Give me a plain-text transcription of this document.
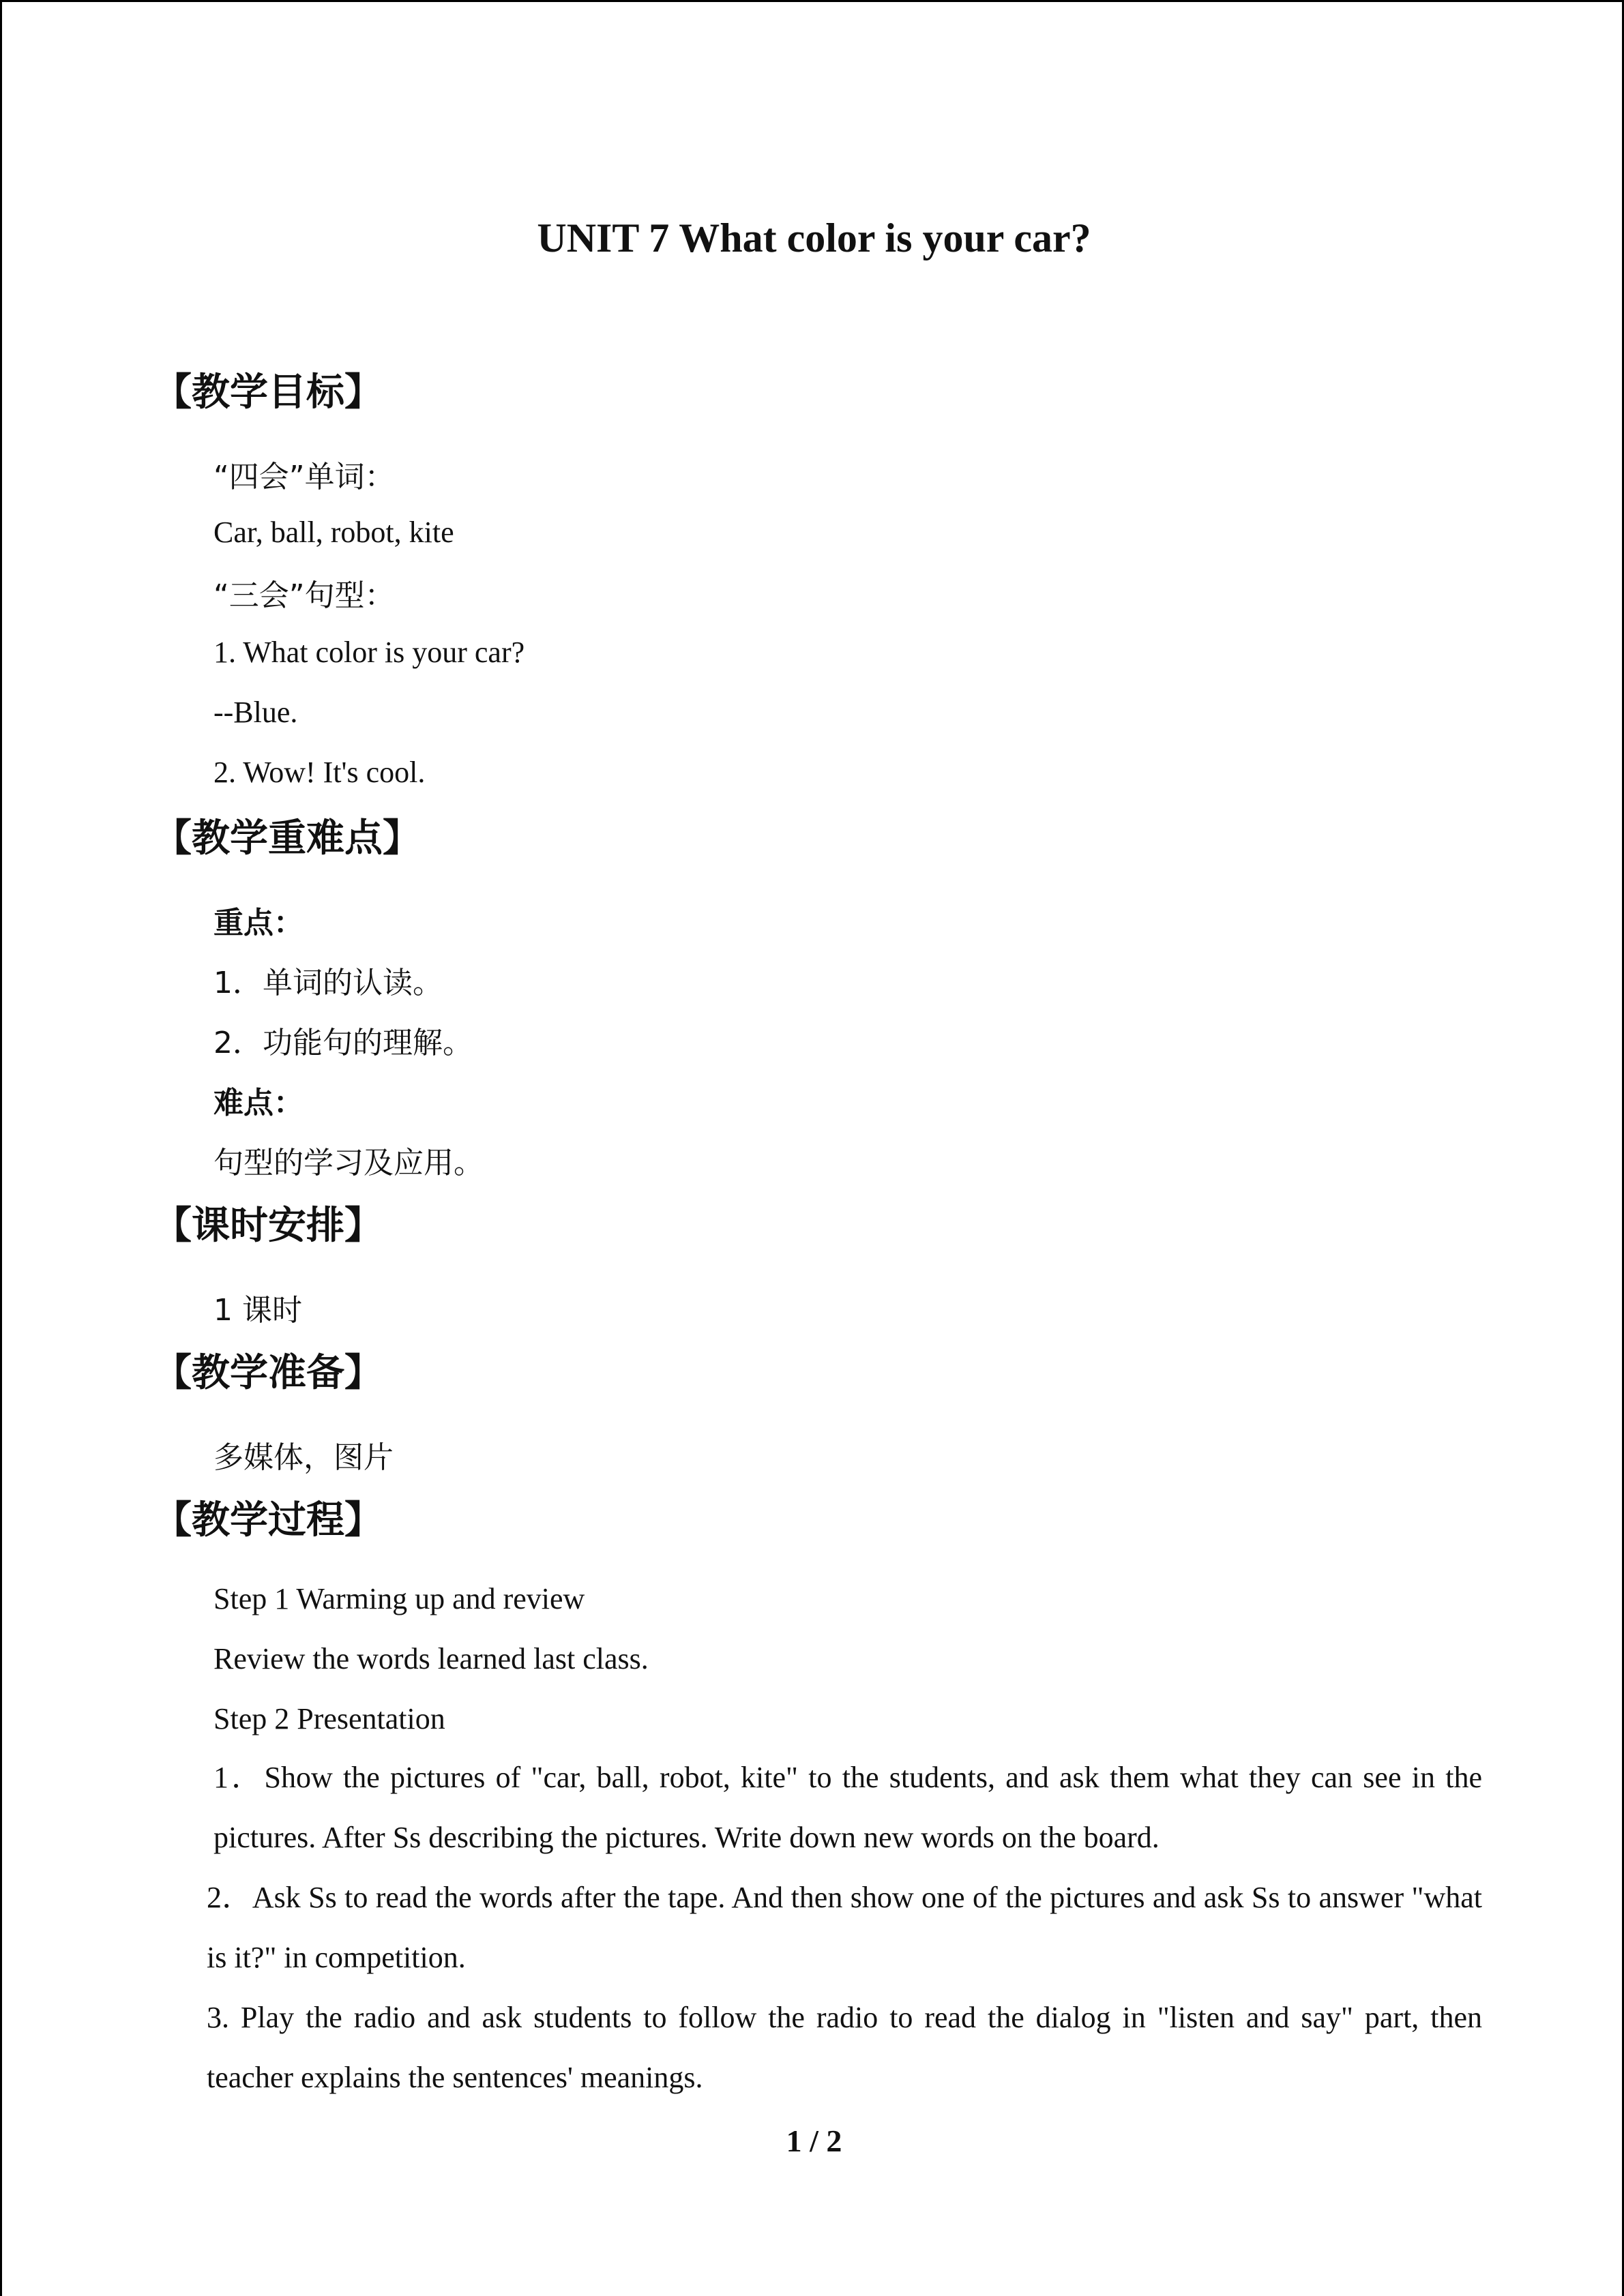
UNIT 7 What color is your car?
【教学目标】
“四会”单词：
Car, ball, robot, kite
“三会”句型：
1. What color is your car?
--Blue.
2. Wow! It's cool.
【教学重难点】
重点：
1．单词的认读。
2．功能句的理解。
难点：
句型的学习及应用。
【课时安排】
1 课时
【教学准备】
多媒体，图片
【教学过程】
Step 1 Warming up and review
Review the words learned last class.
Step 2 Presentation
1．Show the pictures of "car, ball, robot, kite" to the students, and ask them what they can see in the pictures. After Ss describing the pictures. Write down new words on the board.
2．Ask Ss to read the words after the tape. And then show one of the pictures and ask Ss to answer "what is it?" in competition.
3. Play the radio and ask students to follow the radio to read the dialog in "listen and say" part, then teacher explains the sentences' meanings.
1 / 2
